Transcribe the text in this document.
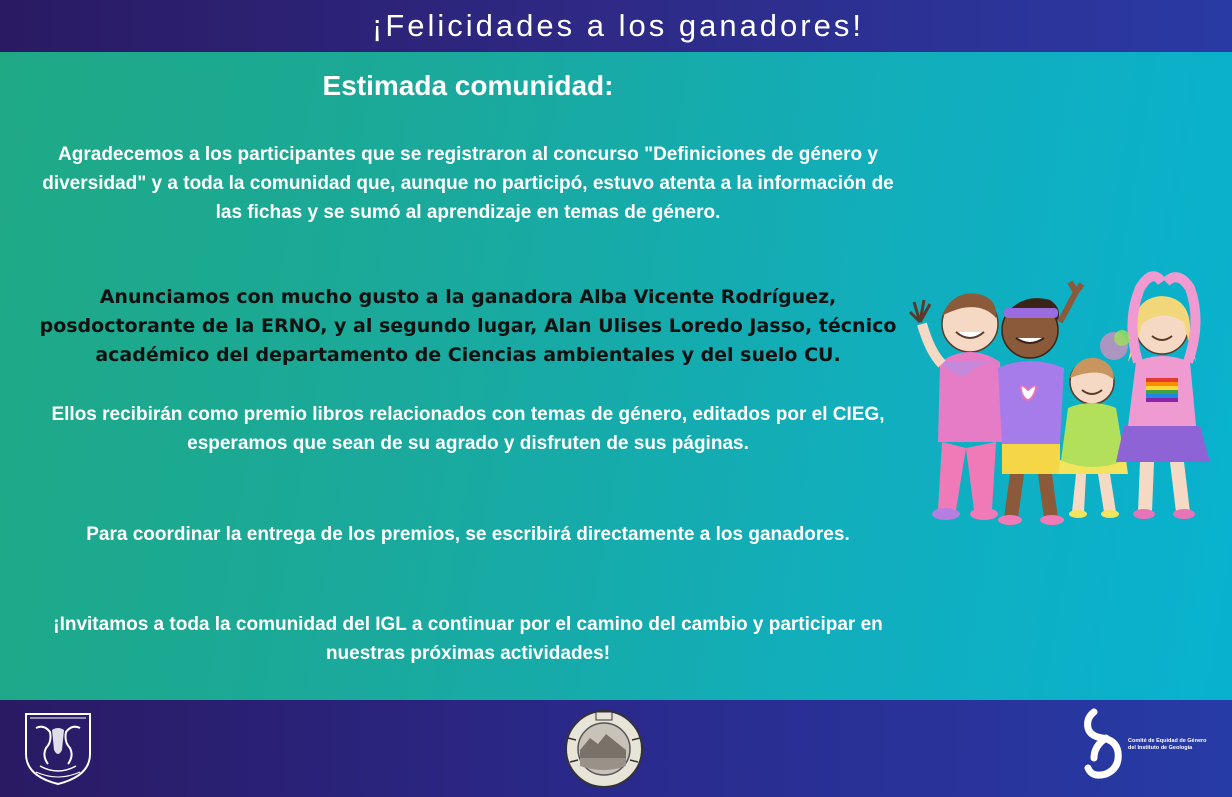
¡Felicidades a los ganadores!
Estimada comunidad:
Agradecemos a los participantes que se registraron al concurso "Definiciones de género y diversidad" y a toda la comunidad que, aunque no participó, estuvo atenta a la información de las fichas y se sumó al aprendizaje en temas de género.
Anunciamos con mucho gusto a la ganadora Alba Vicente Rodríguez, posdoctorante de la ERNO, y al segundo lugar, Alan Ulises Loredo Jasso, técnico académico del departamento de Ciencias ambientales y del suelo CU.
Ellos recibirán como premio libros relacionados con temas de género, editados por el CIEG, esperamos que sean de su agrado y disfruten de sus páginas.
Para coordinar la entrega de los premios, se escribirá directamente a los ganadores.
¡Invitamos a toda la comunidad del IGL a continuar por el camino del cambio y participar en nuestras próximas actividades!
Comité de Equidad de Género del Instituto de Geología
